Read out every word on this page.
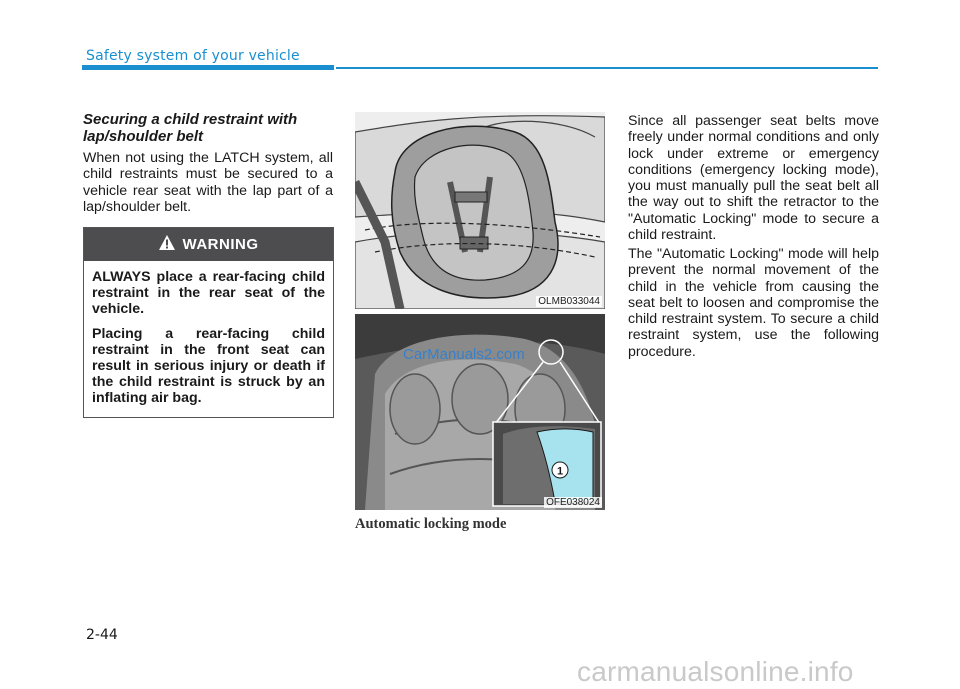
Safety system of your vehicle
Securing a child restraint with lap/shoulder belt
When not using the LATCH system, all child restraints must be secured to a vehicle rear seat with the lap part of a lap/shoulder belt.
WARNING

ALWAYS place a rear-facing child restraint in the rear seat of the vehicle.

Placing a rear-facing child restraint in the front seat can result in serious injury or death if the child restraint is struck by an inflating air bag.

OLMB033044
1
OFE038024
CarManuals2.com
Automatic locking mode
Since all passenger seat belts move freely under normal conditions and only lock under extreme or emergency conditions (emergency locking mode), you must manually pull the seat belt all the way out to shift the retractor to the "Automatic Locking" mode to secure a child restraint.
The "Automatic Locking" mode will help prevent the normal movement of the child in the vehicle from causing the seat belt to loosen and compromise the child restraint system. To secure a child restraint system, use the following procedure.
2-44
carmanualsonline.info
